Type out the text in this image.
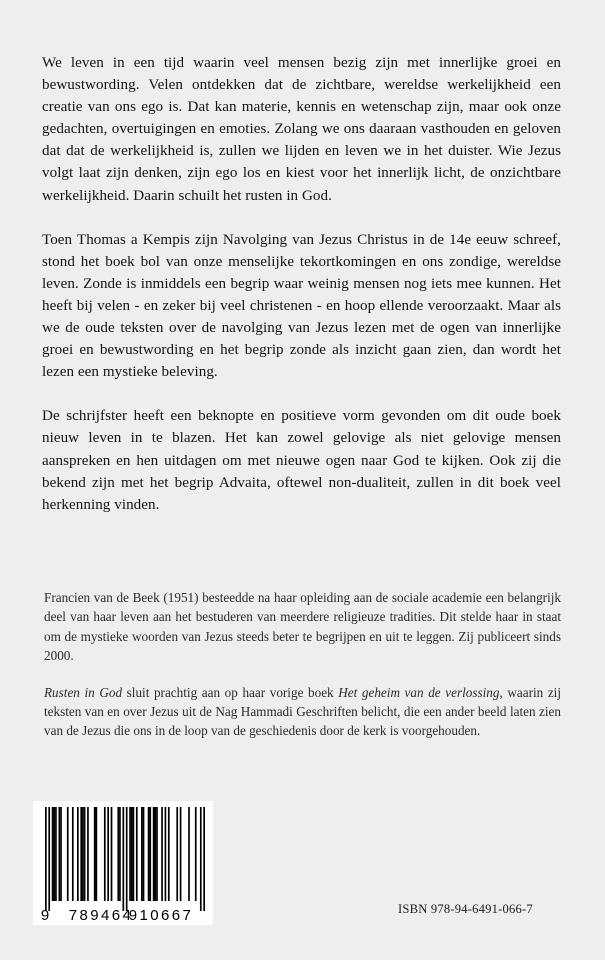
We leven in een tijd waarin veel mensen bezig zijn met innerlijke groei en bewustwording. Velen ontdekken dat de zichtbare, wereldse werkelijkheid een creatie van ons ego is. Dat kan materie, kennis en wetenschap zijn, maar ook onze gedachten, overtuigingen en emoties. Zolang we ons daaraan vasthouden en geloven dat dat de werkelijkheid is, zullen we lijden en leven we in het duister. Wie Jezus volgt laat zijn denken, zijn ego los en kiest voor het innerlijk licht, de onzichtbare werkelijkheid. Daarin schuilt het rusten in God.

Toen Thomas a Kempis zijn Navolging van Jezus Christus in de 14e eeuw schreef, stond het boek bol van onze menselijke tekortkomingen en ons zondige, wereldse leven. Zonde is inmiddels een begrip waar weinig mensen nog iets mee kunnen. Het heeft bij velen - en zeker bij veel christenen - en hoop ellende veroorzaakt. Maar als we de oude teksten over de navolging van Jezus lezen met de ogen van innerlijke groei en bewustwording en het begrip zonde als inzicht gaan zien, dan wordt het lezen een mystieke beleving.

De schrijfster heeft een beknopte en positieve vorm gevonden om dit oude boek nieuw leven in te blazen. Het kan zowel gelovige als niet gelovige mensen aanspreken en hen uitdagen om met nieuwe ogen naar God te kijken. Ook zij die bekend zijn met het begrip Advaita, oftewel non-dualiteit, zullen in dit boek veel herkenning vinden.

Francien van de Beek (1951) besteedde na haar opleiding aan de sociale academie een belangrijk deel van haar leven aan het bestuderen van meerdere religieuze tradities. Dit stelde haar in staat om de mystieke woorden van Jezus steeds beter te begrijpen en uit te leggen. Zij publiceert sinds 2000.

Rusten in God sluit prachtig aan op haar vorige boek Het geheim van de verlossing, waarin zij teksten van en over Jezus uit de Nag Hammadi Geschriften belicht, die een ander beeld laten zien van de Jezus die ons in de loop van de geschiedenis door de kerk is voorgehouden.

9 789464
910667	ISBN 978-94-6491-066-7
